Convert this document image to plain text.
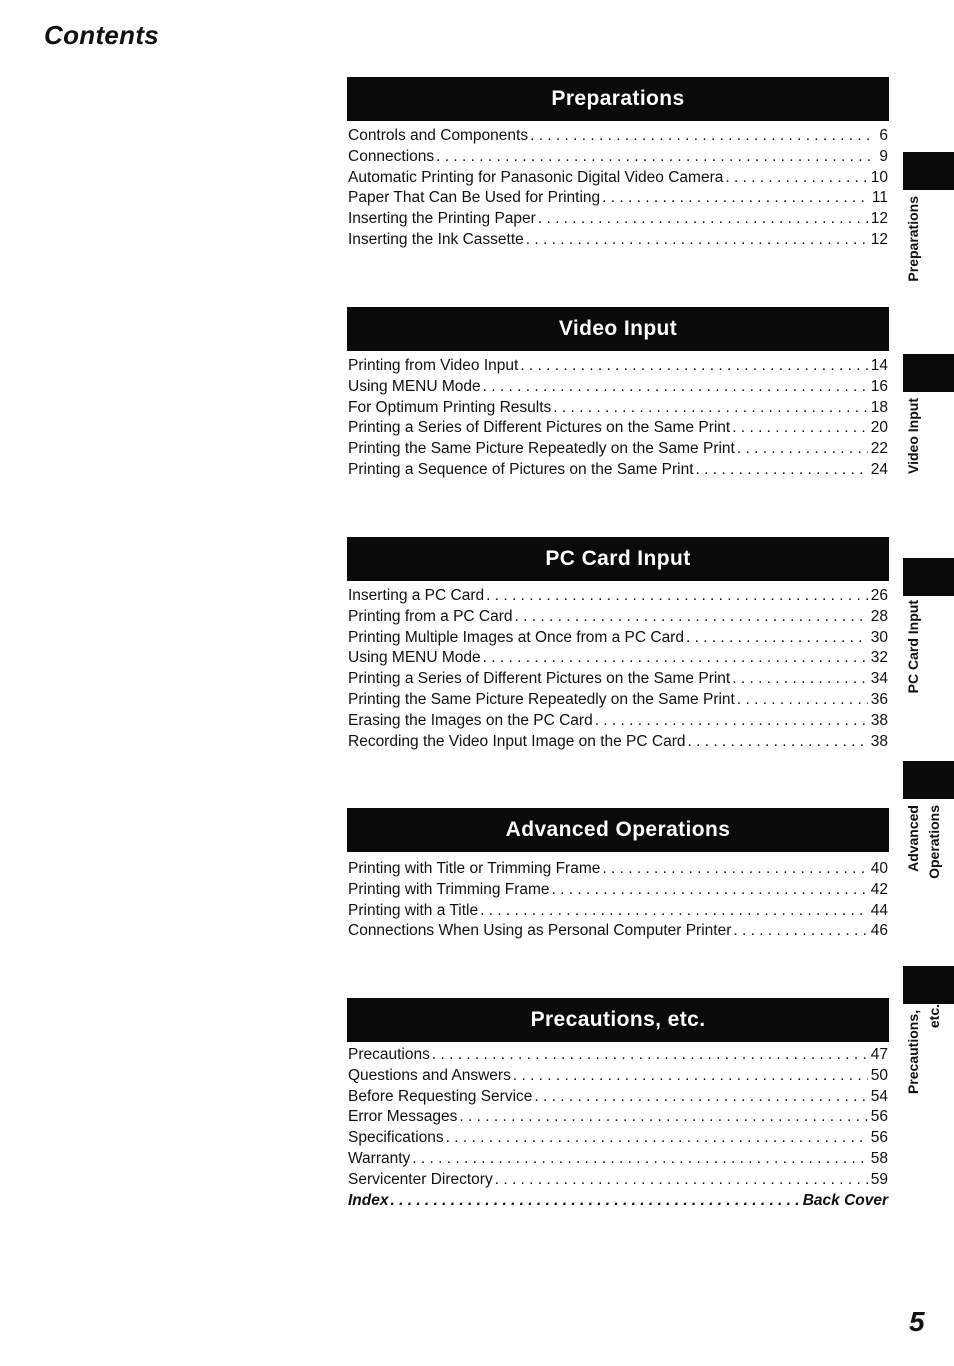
Contents
Preparations
Controls and Components . . .	6
Connections . . .	9
Automatic Printing for Panasonic Digital Video Camera . . .	10
Paper That Can Be Used for Printing . . .	11
Inserting the Printing Paper . . .	12
Inserting the Ink Cassette . . .	12
Video Input
Printing from Video Input . . .	14
Using MENU Mode . . .	16
For Optimum Printing Results . . .	18
Printing a Series of Different Pictures on the Same Print . . .	20
Printing the Same Picture Repeatedly on the Same Print . . .	22
Printing a Sequence of Pictures on the Same Print . . .	24
PC Card Input
Inserting a PC Card . . .	26
Printing from a PC Card . . .	28
Printing Multiple Images at Once from a PC Card . . .	30
Using MENU Mode . . .	32
Printing a Series of Different Pictures on the Same Print . . .	34
Printing the Same Picture Repeatedly on the Same Print . . .	36
Erasing the Images on the PC Card . . .	38
Recording the Video Input Image on the PC Card . . .	38
Advanced Operations
Printing with Title or Trimming Frame . . .	40
Printing with Trimming Frame . . .	42
Printing with a Title . . .	44
Connections When Using as Personal Computer Printer . . .	46
Precautions, etc.
Precautions . . .	47
Questions and Answers . . .	50
Before Requesting Service . . .	54
Error Messages . . .	56
Specifications . . .	56
Warranty . . .	58
Servicenter Directory . . .	59
Index . . .	Back Cover
Preparations
Video Input
PC Card Input
Advanced Operations
Precautions, etc.
5
